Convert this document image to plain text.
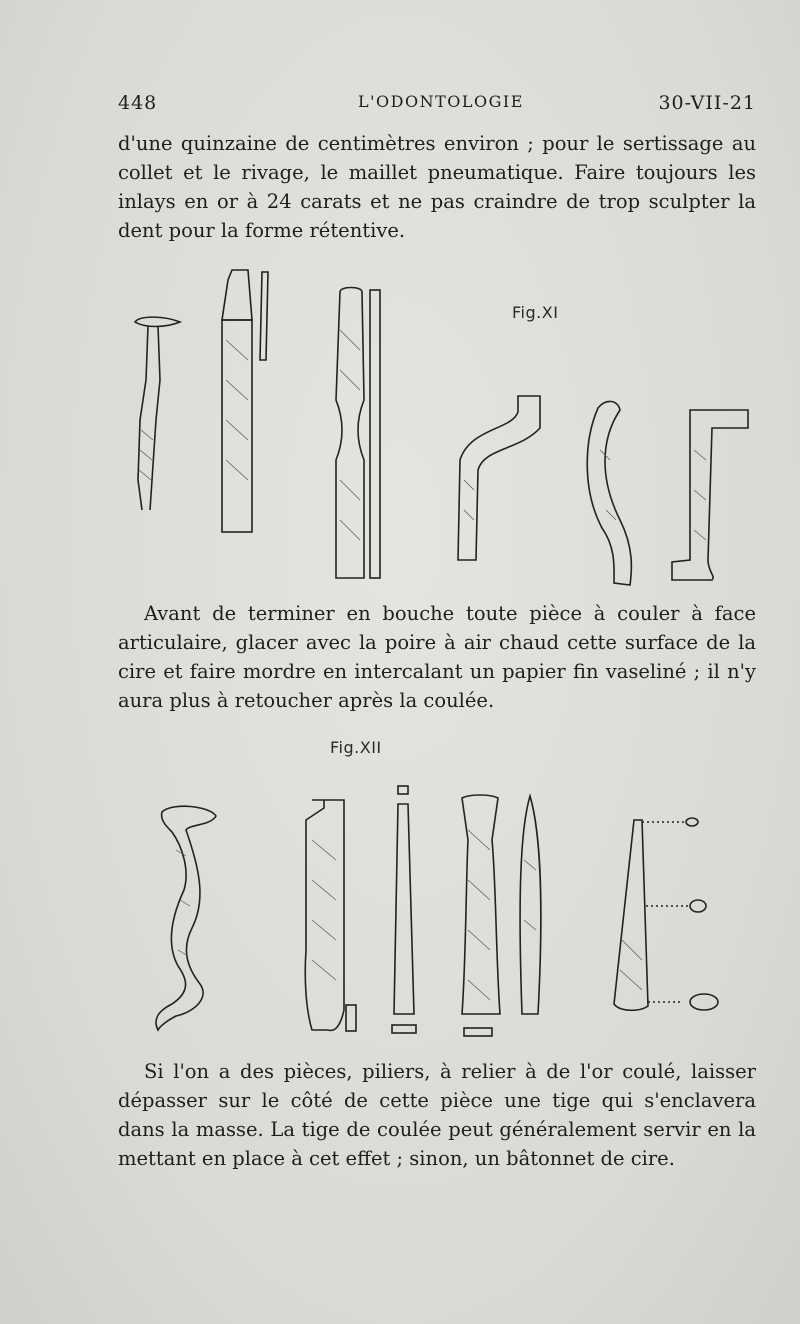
448	L'ODONTOLOGIE	30-VII-21

d'une quinzaine de centimètres environ ; pour le sertissage au collet et le rivage, le maillet pneumatique. Faire toujours les inlays en or à 24 carats et ne pas craindre de trop sculpter la dent pour la forme rétentive.

Fig.XI

Avant de terminer en bouche toute pièce à couler à face articulaire, glacer avec la poire à air chaud cette surface de la cire et faire mordre en intercalant un papier fin vaseliné ; il n'y aura plus à retoucher après la coulée.

Fig.XII

Si l'on a des pièces, piliers, à relier à de l'or coulé, laisser dépasser sur le côté de cette pièce une tige qui s'enclavera dans la masse. La tige de coulée peut généralement servir en la mettant en place à cet effet ; sinon, un bâtonnet de cire.
